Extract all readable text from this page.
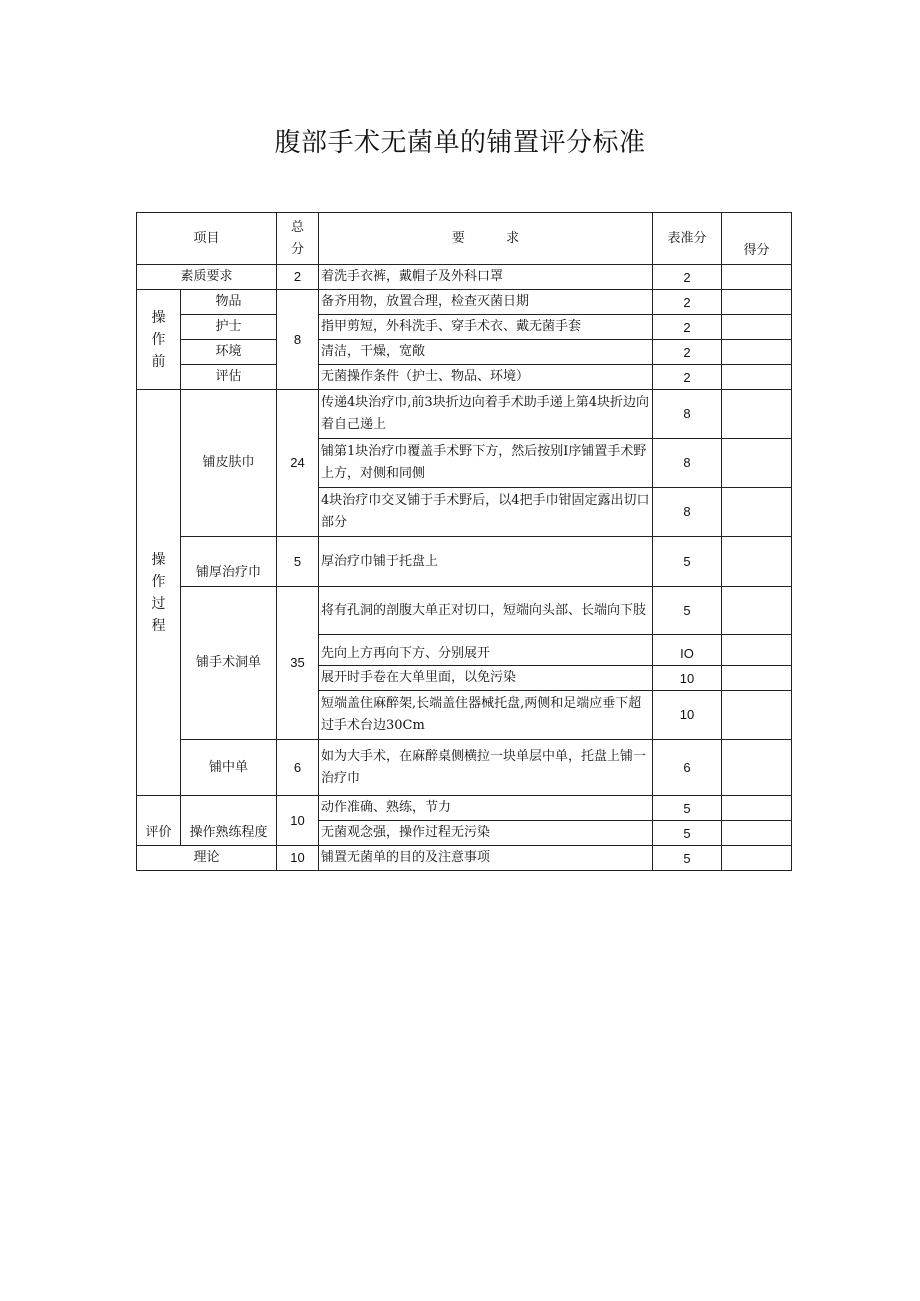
腹部手术无菌单的铺置评分标准
项目		总分	要          求	表准分	得分
素质要求		2	着洗手衣裤，戴帽子及外科口罩	2	

操
作
前	物品	8	备齐用物，放置合理，检查灭菌日期	2	
	护士		指甲剪短，外科洗手、穿手术衣、戴无菌手套	2	
	环境		清洁，干燥，宽敞	2	
	评估		无菌操作条件（护士、物品、环境）	2	

操
作
过
程	铺皮肤巾	24	传递4块治疗巾,前3块折边向着手术助手递上第4块折边向着自己递上	8	
			铺第1块治疗巾覆盖手术野下方，然后按别I序铺置手术野上方，对侧和同侧	8	
			4块治疗巾交叉铺于手术野后，以4把手巾钳固定露出切口部分	8	
	铺厚治疗巾	5	厚治疗巾铺于托盘上	5	
	铺手术洞单	35	将有孔洞的剖腹大单正对切口，短端向头部、长端向下肢	5	
			先向上方再向下方、分别展开	IO	
			展开时手卷在大单里面，以免污染	10	
			短端盖住麻醉架,长端盖住器械托盘,两侧和足端应垂下超过手术台边30Cm	10	
	铺中单	6	如为大手术，在麻醉桌侧横拉一块单层中单，托盘上铺一治疗巾	6	
评价	操作熟练程度	10	动作准确、熟练，节力	5	
			无菌观念强，操作过程无污染	5	
理论		10	铺置无菌单的目的及注意事项	5	
